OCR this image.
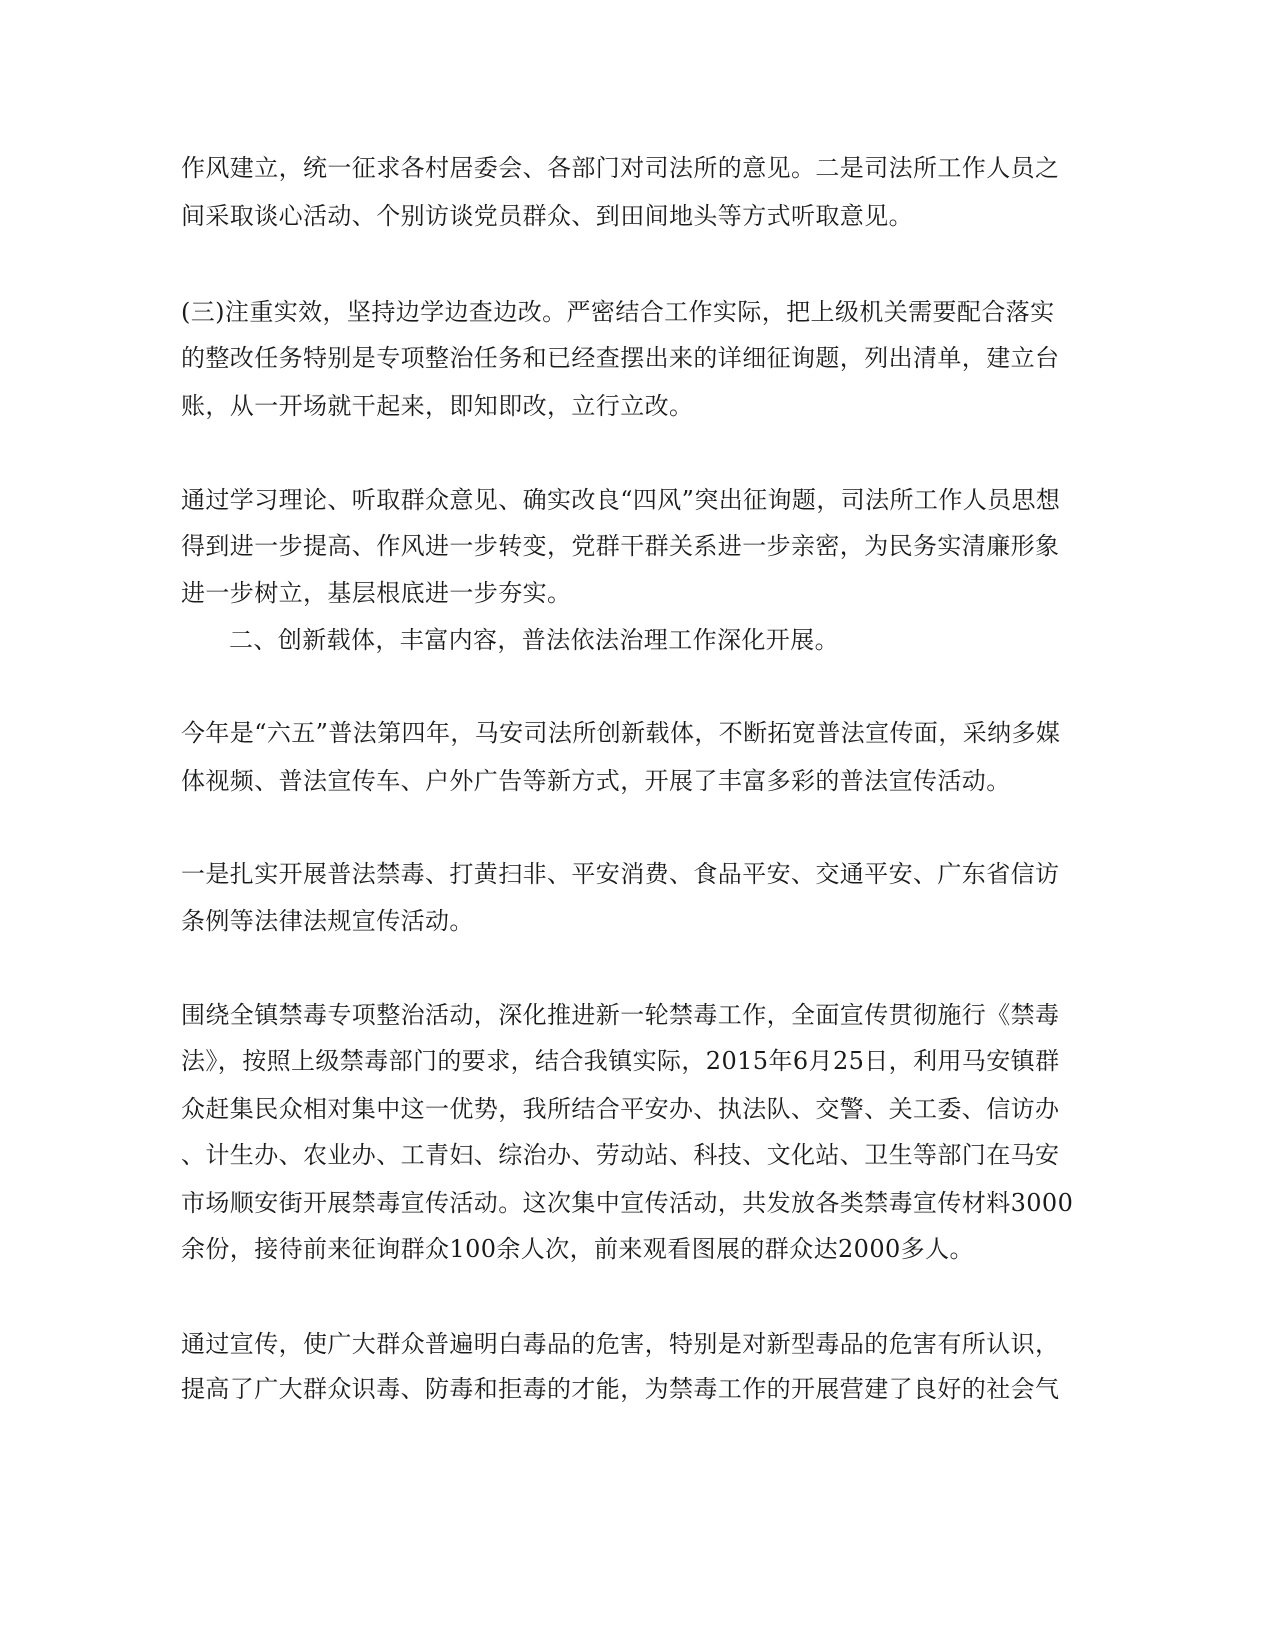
作风建立，统一征求各村居委会、各部门对司法所的意见。二是司法所工作人员之

间采取谈心活动、个别访谈党员群众、到田间地头等方式听取意见。

(三)注重实效，坚持边学边查边改。严密结合工作实际，把上级机关需要配合落实

的整改任务特别是专项整治任务和已经查摆出来的详细征询题，列出清单，建立台

账，从一开场就干起来，即知即改，立行立改。

通过学习理论、听取群众意见、确实改良“四风”突出征询题，司法所工作人员思想

得到进一步提高、作风进一步转变，党群干群关系进一步亲密，为民务实清廉形象

进一步树立，基层根底进一步夯实。

二、创新载体，丰富内容，普法依法治理工作深化开展。

今年是“六五”普法第四年，马安司法所创新载体，不断拓宽普法宣传面，采纳多媒

体视频、普法宣传车、户外广告等新方式，开展了丰富多彩的普法宣传活动。

一是扎实开展普法禁毒、打黄扫非、平安消费、食品平安、交通平安、广东省信访

条例等法律法规宣传活动。

围绕全镇禁毒专项整治活动，深化推进新一轮禁毒工作，全面宣传贯彻施行《禁毒

法》，按照上级禁毒部门的要求，结合我镇实际，2015年6月25日，利用马安镇群

众赶集民众相对集中这一优势，我所结合平安办、执法队、交警、关工委、信访办

、计生办、农业办、工青妇、综治办、劳动站、科技、文化站、卫生等部门在马安

市场顺安街开展禁毒宣传活动。这次集中宣传活动，共发放各类禁毒宣传材料3000

余份，接待前来征询群众100余人次，前来观看图展的群众达2000多人。

通过宣传，使广大群众普遍明白毒品的危害，特别是对新型毒品的危害有所认识，

提高了广大群众识毒、防毒和拒毒的才能，为禁毒工作的开展营建了良好的社会气
